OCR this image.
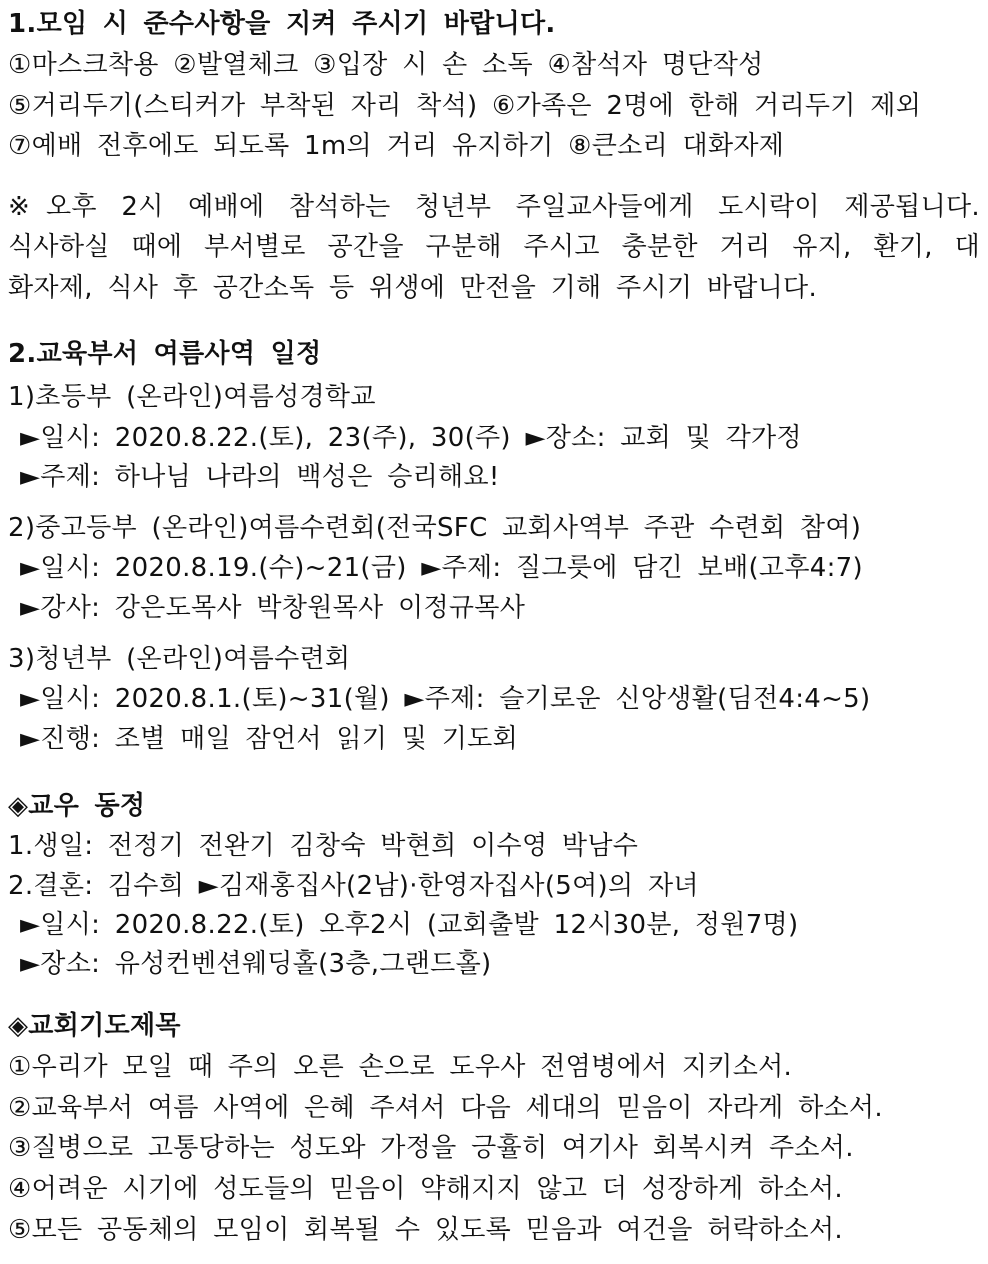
1.모임 시 준수사항을 지켜 주시기 바랍니다.
①마스크착용 ②발열체크 ③입장 시 손 소독 ④참석자 명단작성
⑤거리두기(스티커가 부착된 자리 착석) ⑥가족은 2명에 한해 거리두기 제외
⑦예배 전후에도 되도록 1m의 거리 유지하기 ⑧큰소리 대화자제
※오후 2시 예배에 참석하는 청년부 주일교사들에게 도시락이 제공됩니다.
식사하실 때에 부서별로 공간을 구분해 주시고 충분한 거리 유지, 환기, 대
화자제, 식사 후 공간소독 등 위생에 만전을 기해 주시기 바랍니다.
2.교육부서 여름사역 일정
1)초등부 (온라인)여름성경학교
►일시: 2020.8.22.(토), 23(주), 30(주) ►장소: 교회 및 각가정
►주제: 하나님 나라의 백성은 승리해요!
2)중고등부 (온라인)여름수련회(전국SFC 교회사역부 주관 수련회 참여)
►일시: 2020.8.19.(수)~21(금) ►주제: 질그릇에 담긴 보배(고후4:7)
►강사: 강은도목사 박창원목사 이정규목사
3)청년부 (온라인)여름수련회
►일시: 2020.8.1.(토)~31(월) ►주제: 슬기로운 신앙생활(딤전4:4~5)
►진행: 조별 매일 잠언서 읽기 및 기도회
◈교우 동정
1.생일: 전정기 전완기 김창숙 박현희 이수영 박남수
2.결혼: 김수희 ►김재홍집사(2남)·한영자집사(5여)의 자녀
►일시: 2020.8.22.(토) 오후2시 (교회출발 12시30분, 정원7명)
►장소: 유성컨벤션웨딩홀(3층,그랜드홀)
◈교회기도제목
①우리가 모일 때 주의 오른 손으로 도우사 전염병에서 지키소서.
②교육부서 여름 사역에 은혜 주셔서 다음 세대의 믿음이 자라게 하소서.
③질병으로 고통당하는 성도와 가정을 긍휼히 여기사 회복시켜 주소서.
④어려운 시기에 성도들의 믿음이 약해지지 않고 더 성장하게 하소서.
⑤모든 공동체의 모임이 회복될 수 있도록 믿음과 여건을 허락하소서.
